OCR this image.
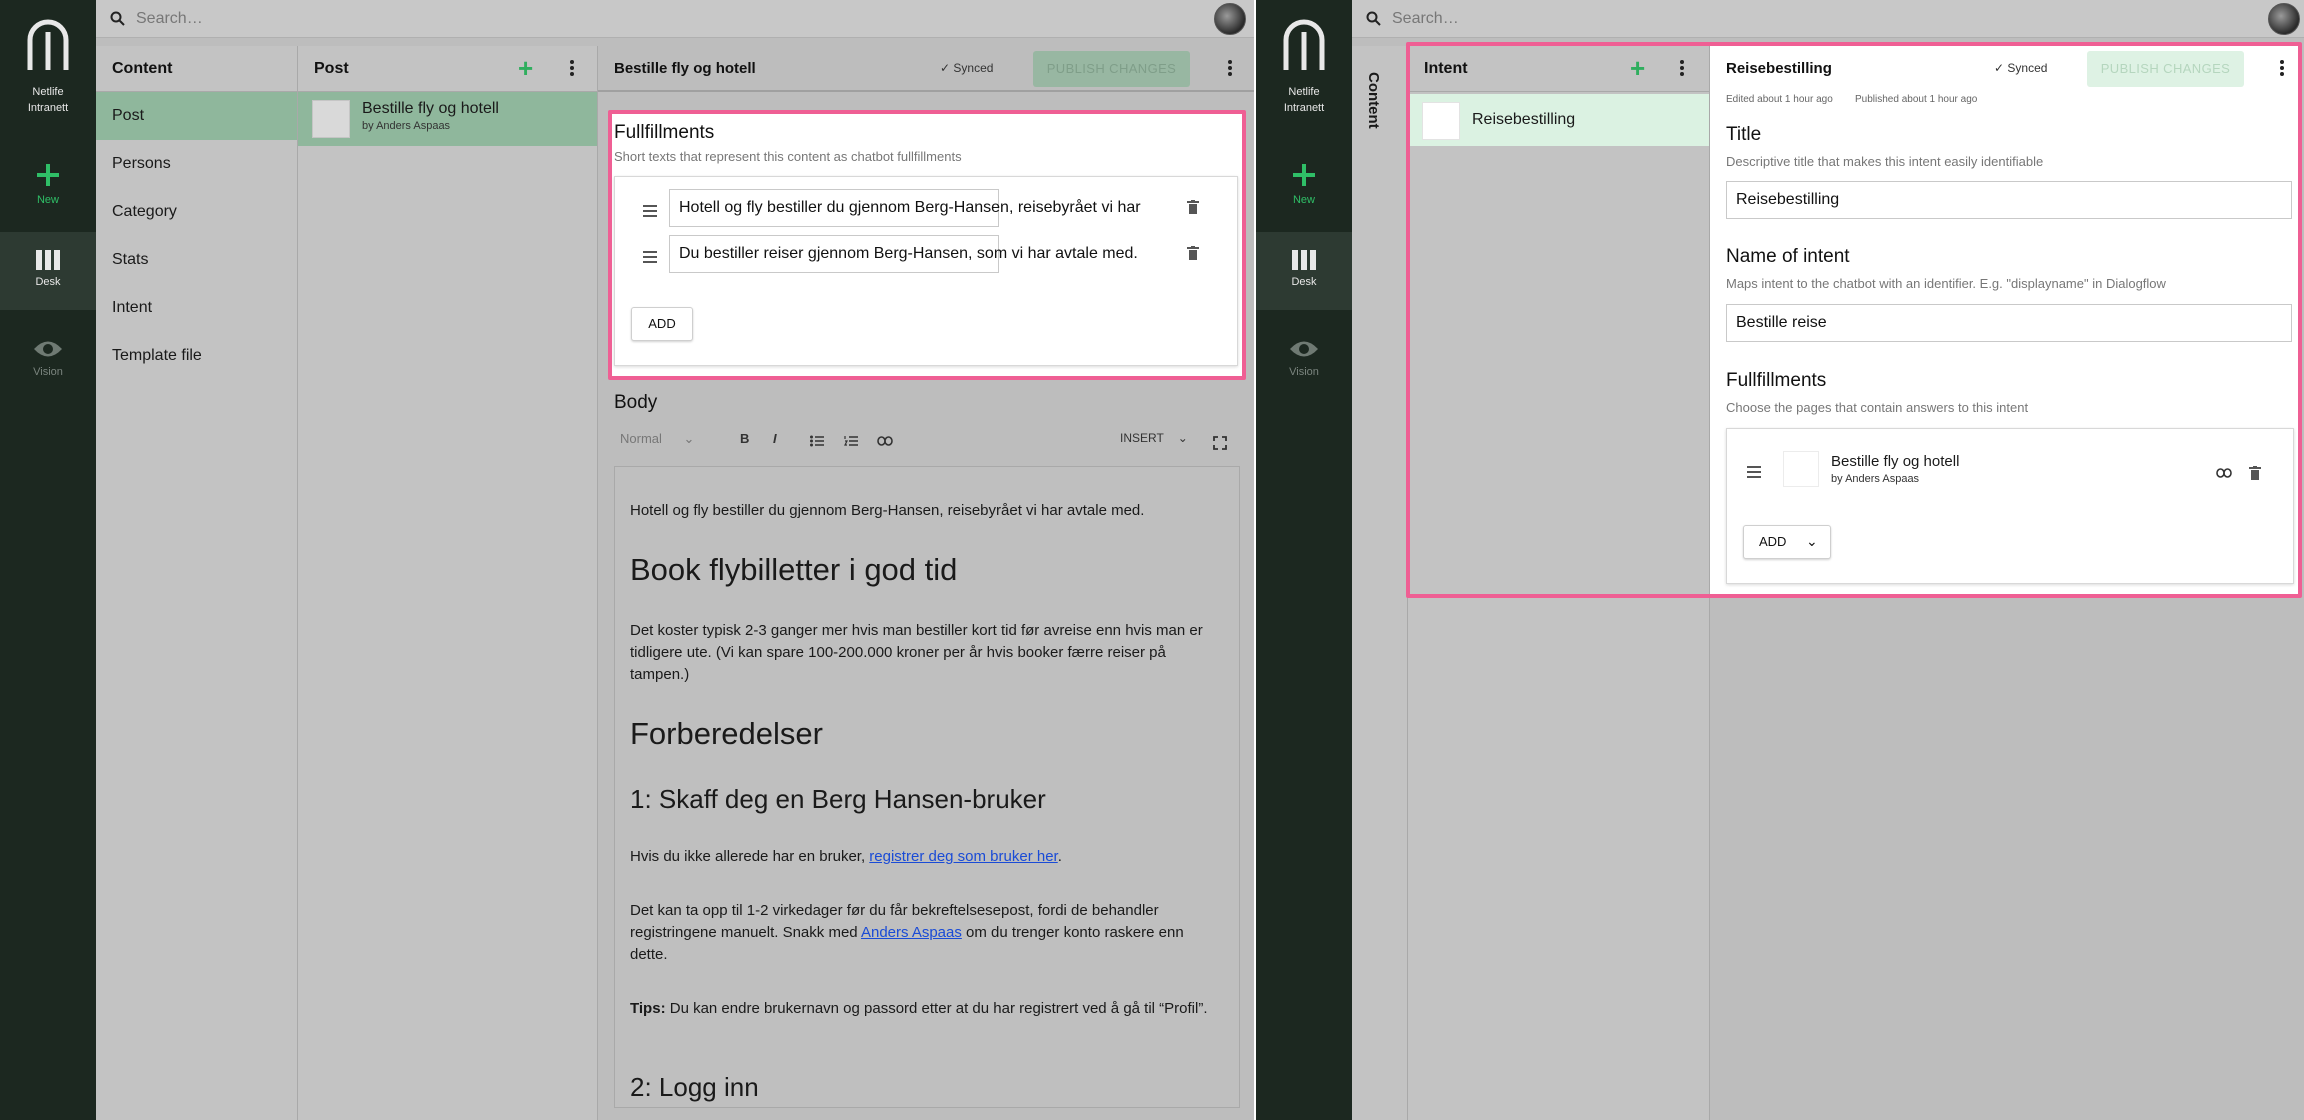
Netlife
Intranett
New
Desk
Vision
Search…
Content
Post
Persons
Category
Stats
Intent
Template file
Post	+
Bestille fly og hotell
by Anders Aspaas
Bestille fly og hotell	✓ Synced	PUBLISH CHANGES
Fullfillments
Short texts that represent this content as chatbot fullfillments
Hotell og fly bestiller du gjennom Berg-Hansen, reisebyrået vi har
Du bestiller reiser gjennom Berg-Hansen, som vi har avtale med.
ADD
Body
Normal ⌄	B I	INSERT ⌄
Hotell og fly bestiller du gjennom Berg-Hansen, reisebyrået vi har avtale med.
Book flybilletter i god tid
Det koster typisk 2-3 ganger mer hvis man bestiller kort tid før avreise enn hvis man er tidligere ute. (Vi kan spare 100-200.000 kroner per år hvis booker færre reiser på tampen.)
Forberedelser
1: Skaff deg en Berg Hansen-bruker
Hvis du ikke allerede har en bruker, registrer deg som bruker her.
Det kan ta opp til 1-2 virkedager før du får bekreftelsesepost, fordi de behandler registringene manuelt. Snakk med Anders Aspaas om du trenger konto raskere enn dette.
Tips: Du kan endre brukernavn og passord etter at du har registrert ved å gå til “Profil”.
2: Logg inn
Netlife
Intranett
New
Desk
Vision
Search…
Content
Intent	+
Reisebestilling
Reisebestilling	✓ Synced	PUBLISH CHANGES
Edited about 1 hour ago Published about 1 hour ago
Title
Descriptive title that makes this intent easily identifiable
Reisebestilling
Name of intent
Maps intent to the chatbot with an identifier. E.g. "displayname" in Dialogflow
Bestille reise
Fullfillments
Choose the pages that contain answers to this intent
Bestille fly og hotell
by Anders Aspaas
ADD ⌄
